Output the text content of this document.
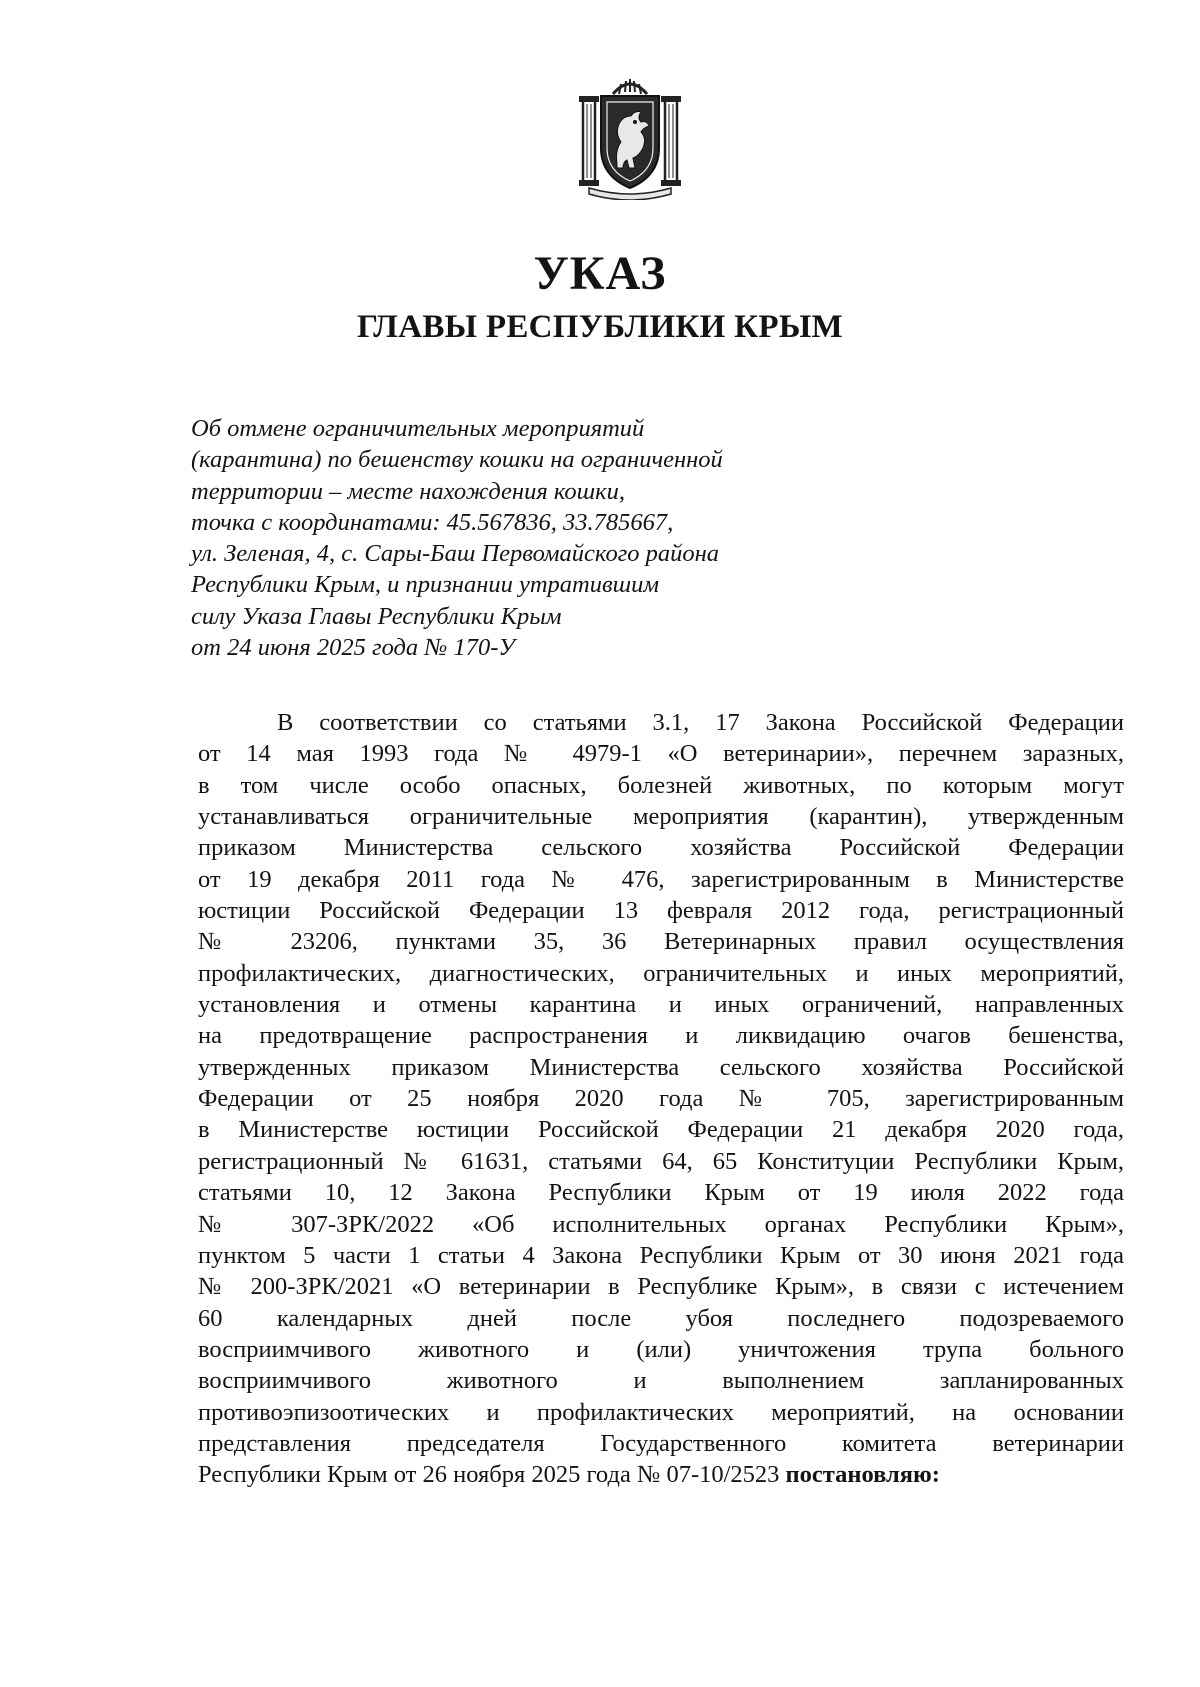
УКАЗ
ГЛАВЫ РЕСПУБЛИКИ КРЫМ
Об отмене ограничительных мероприятий
(карантина) по бешенству кошки на ограниченной
территории – месте нахождения кошки,
точка с координатами: 45.567836, 33.785667,
ул. Зеленая, 4, с. Сары-Баш Первомайского района
Республики Крым, и признании утратившим
силу Указа Главы Республики Крым
от 24 июня 2025 года № 170-У
В соответствии со статьями 3.1, 17 Закона Российской Федерации
от 14 мая 1993 года № 4979-1 «О ветеринарии», перечнем заразных,
в том числе особо опасных, болезней животных, по которым могут
устанавливаться ограничительные мероприятия (карантин), утвержденным
приказом Министерства сельского хозяйства Российской Федерации
от 19 декабря 2011 года № 476, зарегистрированным в Министерстве
юстиции Российской Федерации 13 февраля 2012 года, регистрационный
№ 23206, пунктами 35, 36 Ветеринарных правил осуществления
профилактических, диагностических, ограничительных и иных мероприятий,
установления и отмены карантина и иных ограничений, направленных
на предотвращение распространения и ликвидацию очагов бешенства,
утвержденных приказом Министерства сельского хозяйства Российской
Федерации от 25 ноября 2020 года № 705, зарегистрированным
в Министерстве юстиции Российской Федерации 21 декабря 2020 года,
регистрационный № 61631, статьями 64, 65 Конституции Республики Крым,
статьями 10, 12 Закона Республики Крым от 19 июля 2022 года
№ 307-ЗРК/2022 «Об исполнительных органах Республики Крым»,
пунктом 5 части 1 статьи 4 Закона Республики Крым от 30 июня 2021 года
№ 200-ЗРК/2021 «О ветеринарии в Республике Крым», в связи с истечением
60 календарных дней после убоя последнего подозреваемого
восприимчивого животного и (или) уничтожения трупа больного
восприимчивого животного и выполнением запланированных
противоэпизоотических и профилактических мероприятий, на основании
представления председателя Государственного комитета ветеринарии
Республики Крым от 26 ноября 2025 года № 07-10/2523 постановляю:
